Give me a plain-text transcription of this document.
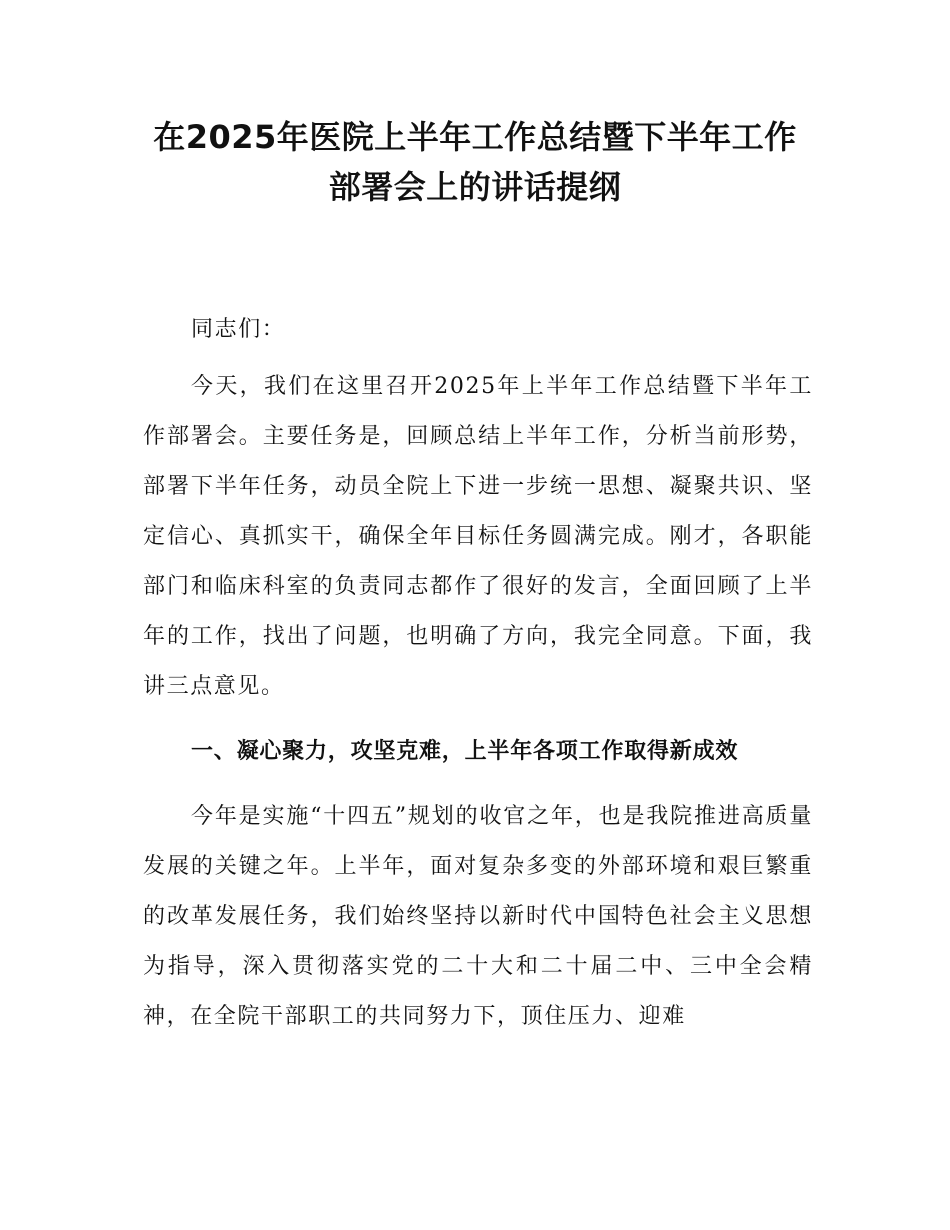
在2025年医院上半年工作总结暨下半年工作
部署会上的讲话提纲

同志们：

今天，我们在这里召开2025年上半年工作总结暨下半年工作部署会。主要任务是，回顾总结上半年工作，分析当前形势，部署下半年任务，动员全院上下进一步统一思想、凝聚共识、坚定信心、真抓实干，确保全年目标任务圆满完成。刚才，各职能部门和临床科室的负责同志都作了很好的发言，全面回顾了上半年的工作，找出了问题，也明确了方向，我完全同意。下面，我讲三点意见。

一、凝心聚力，攻坚克难，上半年各项工作取得新成效

今年是实施“十四五”规划的收官之年，也是我院推进高质量发展的关键之年。上半年，面对复杂多变的外部环境和艰巨繁重的改革发展任务，我们始终坚持以新时代中国特色社会主义思想为指导，深入贯彻落实党的二十大和二十届二中、三中全会精神，在全院干部职工的共同努力下，顶住压力、迎难
